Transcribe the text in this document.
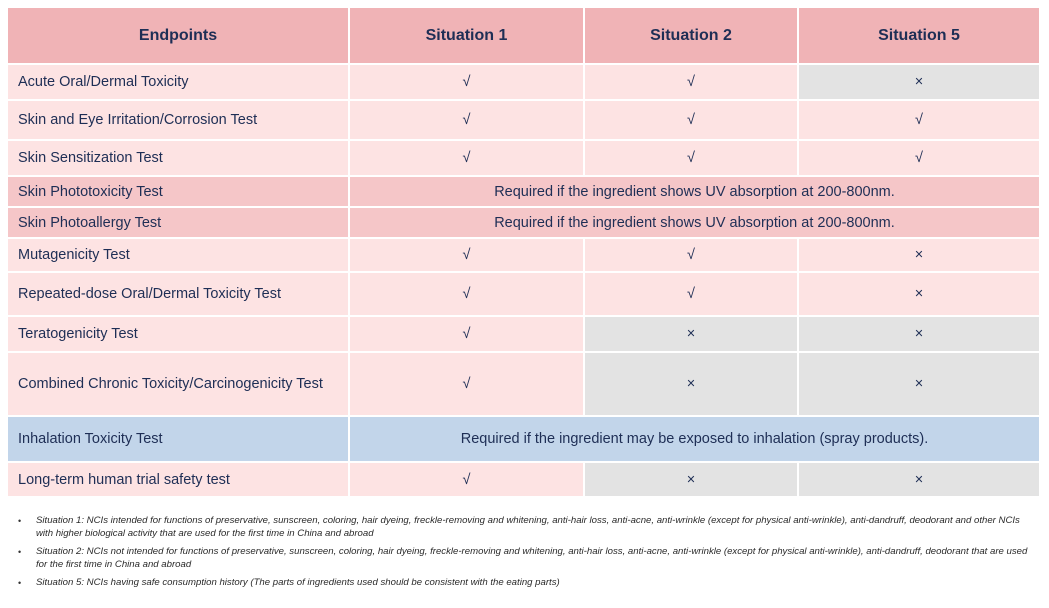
Endpoints	Situation 1	Situation 2	Situation 5
Acute Oral/Dermal Toxicity	√	√	×
Skin and Eye Irritation/Corrosion Test	√	√	√
Skin Sensitization Test	√	√	√
Skin Phototoxicity Test	Required if the ingredient shows UV absorption at 200-800nm.		
Skin Photoallergy Test	Required if the ingredient shows UV absorption at 200-800nm.		
Mutagenicity Test	√	√	×
Repeated-dose Oral/Dermal Toxicity Test	√	√	×
Teratogenicity Test	√	×	×
Combined Chronic Toxicity/Carcinogenicity Test	√	×	×
Inhalation Toxicity Test	Required if the ingredient may be exposed to inhalation (spray products).		
Long-term human trial safety test	√	×	×
• Situation 1: NCIs intended for functions of preservative, sunscreen, coloring, hair dyeing, freckle-removing and whitening, anti-hair loss, anti-acne, anti-wrinkle (except for physical anti-wrinkle), anti-dandruff, deodorant and other NCIs with higher biological activity that are used for the first time in China and abroad
• Situation 2: NCIs not intended for functions of preservative, sunscreen, coloring, hair dyeing, freckle-removing and whitening, anti-hair loss, anti-acne, anti-wrinkle (except for physical anti-wrinkle), anti-dandruff, deodorant that are used for the first time in China and abroad
• Situation 5: NCIs having safe consumption history (The parts of ingredients used should be consistent with the eating parts)
